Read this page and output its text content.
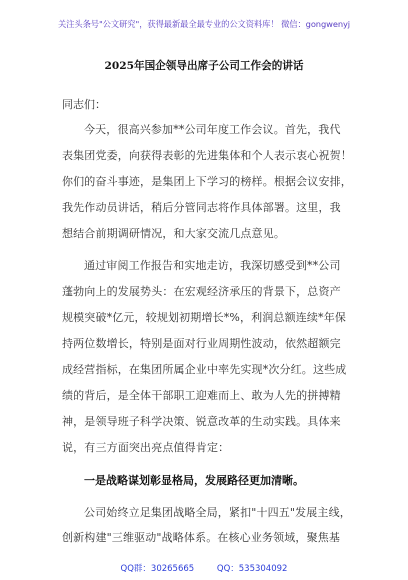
关注头条号"公文研究"，获得最新最全最专业的公文资料库！ 微信：gongwenyj
2025年国企领导出席子公司工作会的讲话
同志们：
今天，很高兴参加**公司年度工作会议。首先，我代
表集团党委，向获得表彰的先进集体和个人表示衷心祝贺！
你们的奋斗事迹，是集团上下学习的榜样。根据会议安排，
我先作动员讲话，稍后分管同志将作具体部署。这里，我
想结合前期调研情况，和大家交流几点意见。
通过审阅工作报告和实地走访，我深切感受到**公司
蓬勃向上的发展势头：在宏观经济承压的背景下，总资产
规模突破*亿元，较规划初期增长*%，利润总额连续*年保
持两位数增长，特别是面对行业周期性波动，依然超额完
成经营指标，在集团所属企业中率先实现*次分红。这些成
绩的背后，是全体干部职工迎难而上、敢为人先的拼搏精
神，是领导班子科学决策、锐意改革的生动实践。具体来
说，有三方面突出亮点值得肯定：
一是战略谋划彰显格局，发展路径更加清晰。
公司始终立足集团战略全局，紧扣"十四五"发展主线，
创新构建"三维驱动"战略体系。在核心业务领域，聚焦基
QQ群：30265665	QQ：535304092
